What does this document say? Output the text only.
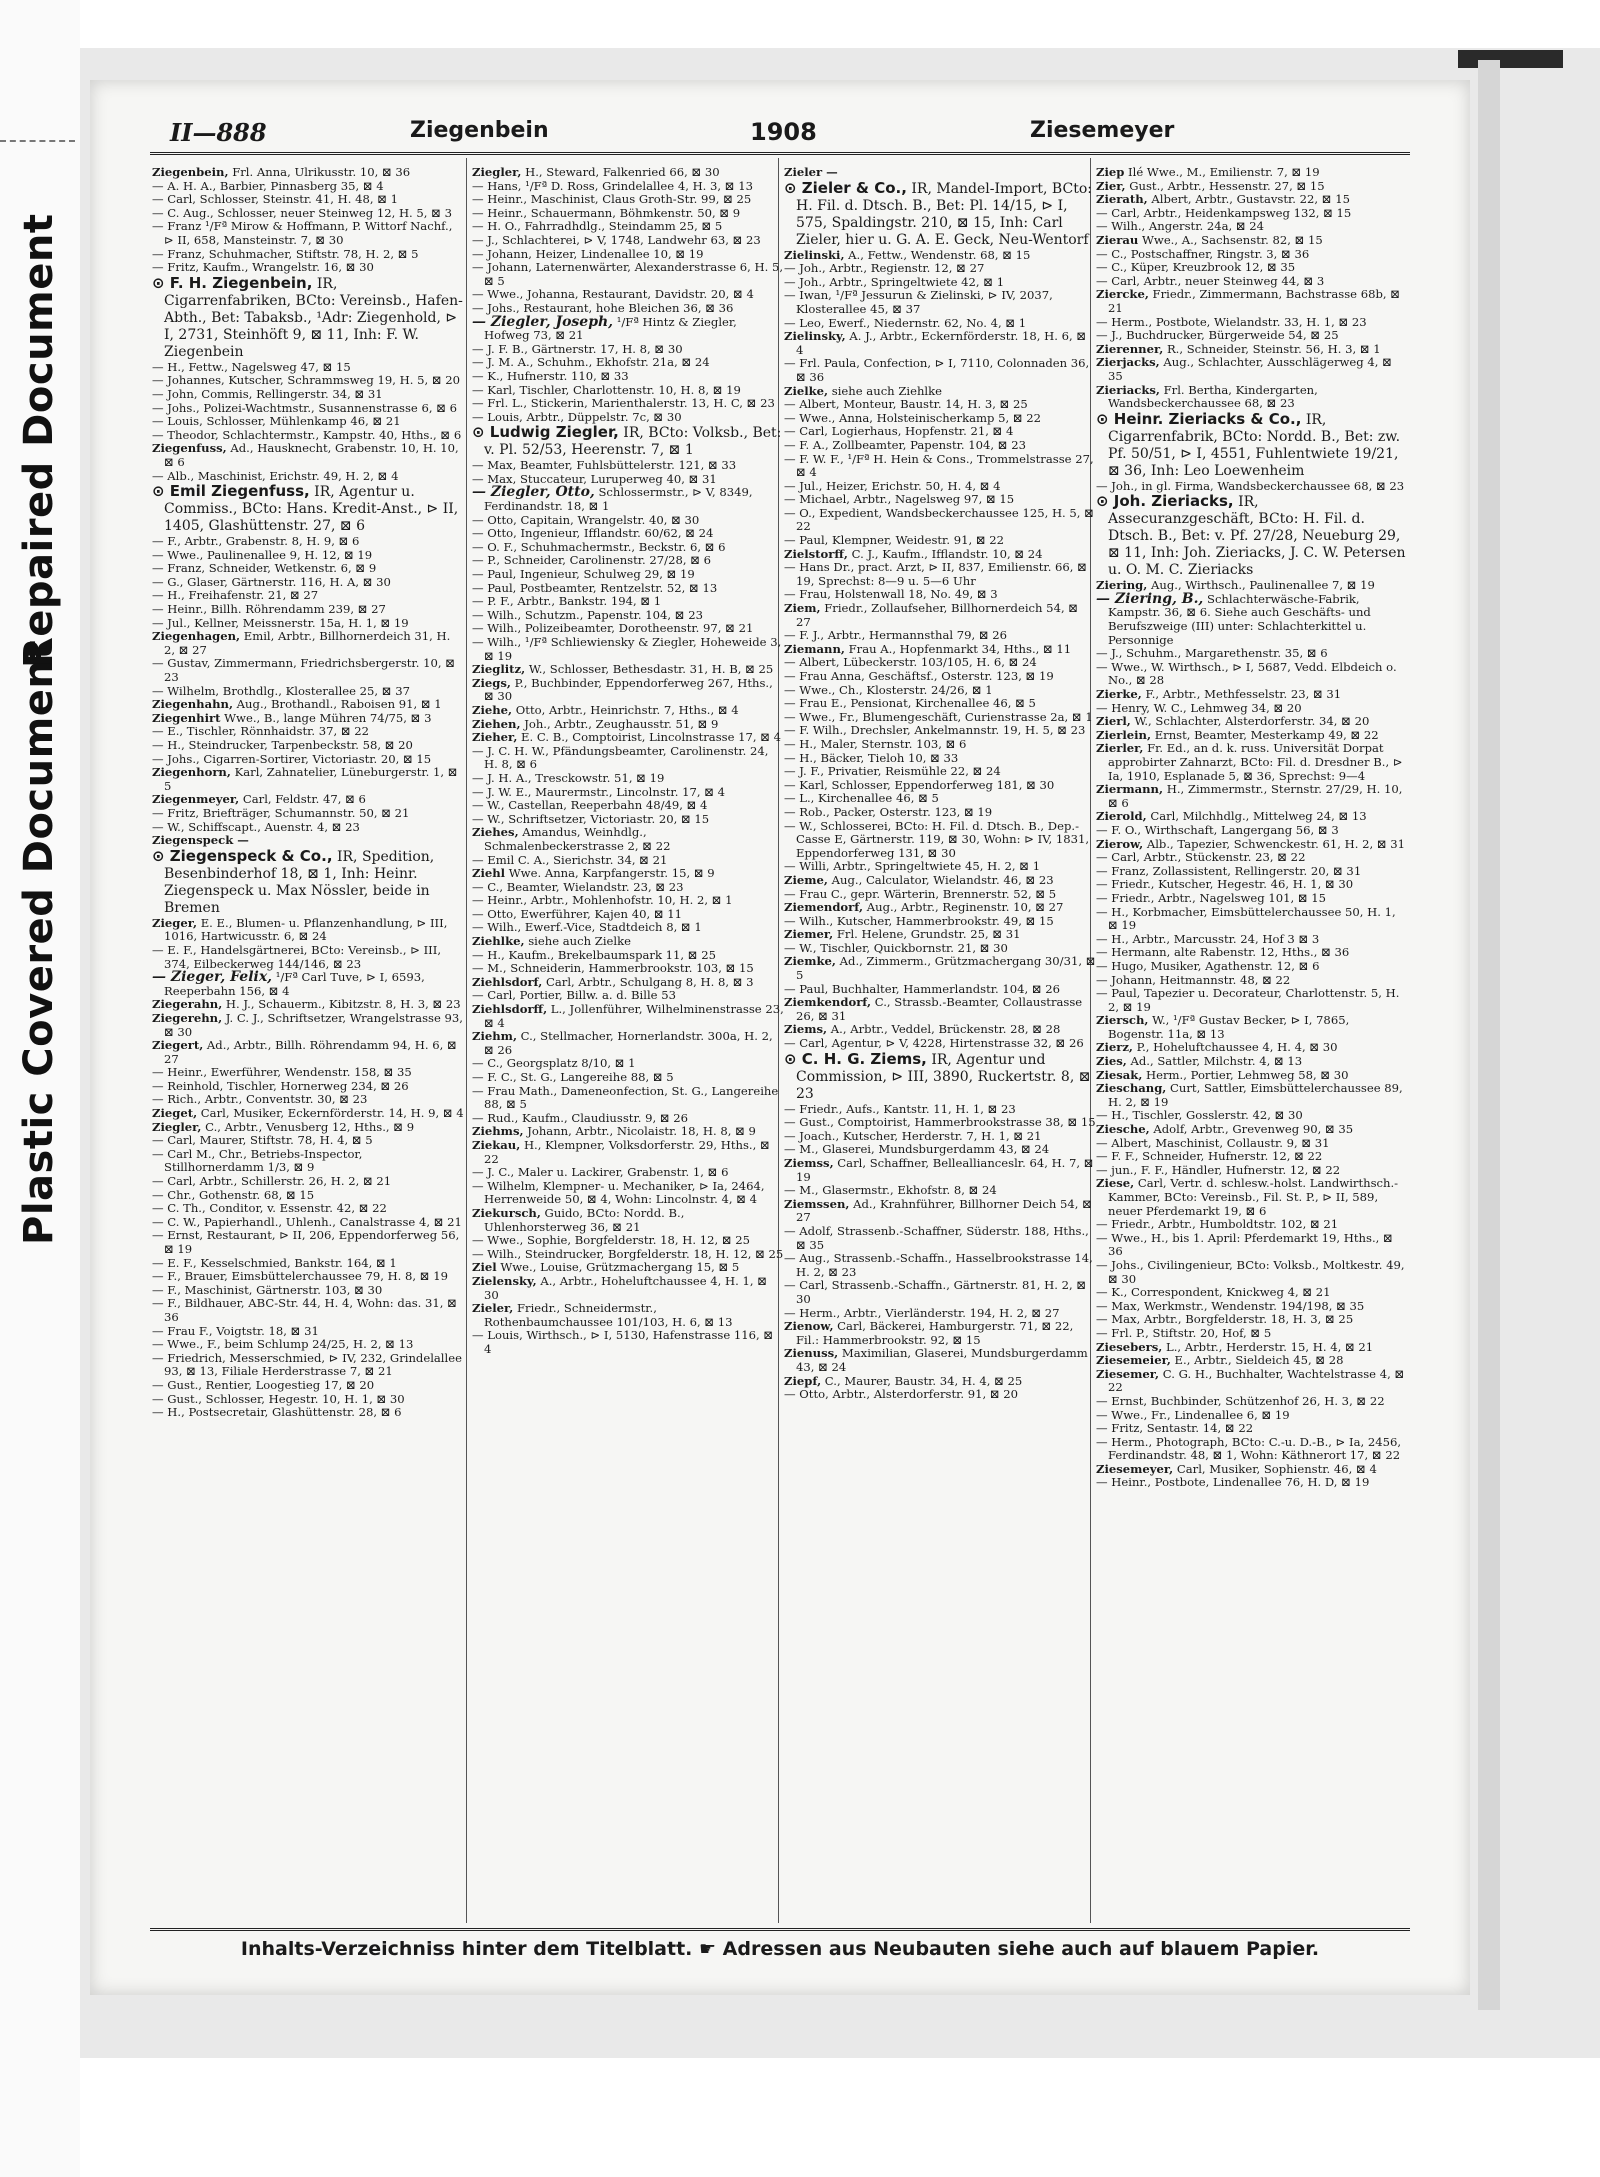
Repaired Document
Plastic Covered Document
II—888	Ziegenbein	1908	Ziesemeyer

Ziegenbein, Frl. Anna, Ulrikusstr. 10, ⊠ 36

— A. H. A., Barbier, Pinnasberg 35, ⊠ 4

— Carl, Schlosser, Steinstr. 41, H. 48, ⊠ 1

— C. Aug., Schlosser, neuer Steinweg 12, H. 5, ⊠ 3

— Franz ¹/Fª Mirow & Hoffmann, P. Wittorf Nachf., ⊳ II, 658, Mansteinstr. 7, ⊠ 30

— Franz, Schuhmacher, Stiftstr. 78, H. 2, ⊠ 5

— Fritz, Kaufm., Wrangelstr. 16, ⊠ 30

⊙ F. H. Ziegenbein, IR, Cigarrenfabriken, BCto: Vereinsb., Hafen-Abth., Bet: Tabaksb., ¹Adr: Ziegenhold, ⊳ I, 2731, Steinhöft 9, ⊠ 11, Inh: F. W. Ziegenbein

— H., Fettw., Nagelsweg 47, ⊠ 15

— Johannes, Kutscher, Schrammsweg 19, H. 5, ⊠ 20

— John, Commis, Rellingerstr. 34, ⊠ 31

— Johs., Polizei-Wachtmstr., Susannenstrasse 6, ⊠ 6

— Louis, Schlosser, Mühlenkamp 46, ⊠ 21

— Theodor, Schlachtermstr., Kampstr. 40, Hths., ⊠ 6

Ziegenfuss, Ad., Hausknecht, Grabenstr. 10, H. 10, ⊠ 6

— Alb., Maschinist, Erichstr. 49, H. 2, ⊠ 4

⊙ Emil Ziegenfuss, IR, Agentur u. Commiss., BCto: Hans. Kredit-Anst., ⊳ II, 1405, Glashüttenstr. 27, ⊠ 6

— F., Arbtr., Grabenstr. 8, H. 9, ⊠ 6

— Wwe., Paulinenallee 9, H. 12, ⊠ 19

— Franz, Schneider, Wetkenstr. 6, ⊠ 9

— G., Glaser, Gärtnerstr. 116, H. A, ⊠ 30

— H., Freihafenstr. 21, ⊠ 27

— Heinr., Billh. Röhrendamm 239, ⊠ 27

— Jul., Kellner, Meissnerstr. 15a, H. 1, ⊠ 19

Ziegenhagen, Emil, Arbtr., Billhornerdeich 31, H. 2, ⊠ 27

— Gustav, Zimmermann, Friedrichsbergerstr. 10, ⊠ 23

— Wilhelm, Brothdlg., Klosterallee 25, ⊠ 37

Ziegenhahn, Aug., Brothandl., Raboisen 91, ⊠ 1

Ziegenhirt Wwe., B., lange Mühren 74/75, ⊠ 3

— E., Tischler, Rönnhaidstr. 37, ⊠ 22

— H., Steindrucker, Tarpenbeckstr. 58, ⊠ 20

— Johs., Cigarren-Sortirer, Victoriastr. 20, ⊠ 15

Ziegenhorn, Karl, Zahnatelier, Lüneburgerstr. 1, ⊠ 5

Ziegenmeyer, Carl, Feldstr. 47, ⊠ 6

— Fritz, Briefträger, Schumannstr. 50, ⊠ 21

— W., Schiffscapt., Auenstr. 4, ⊠ 23

Ziegenspeck —

⊙ Ziegenspeck & Co., IR, Spedition, Besenbinderhof 18, ⊠ 1, Inh: Heinr. Ziegenspeck u. Max Nössler, beide in Bremen

Zieger, E. E., Blumen- u. Pflanzenhandlung, ⊳ III, 1016, Hartwicusstr. 6, ⊠ 24

— E. F., Handelsgärtnerei, BCto: Vereinsb., ⊳ III, 374, Eilbeckerweg 144/146, ⊠ 23

— Zieger, Felix, ¹/Fª Carl Tuve, ⊳ I, 6593, Reeperbahn 156, ⊠ 4

Ziegerahn, H. J., Schauerm., Kibitzstr. 8, H. 3, ⊠ 23

Ziegerehn, J. C. J., Schriftsetzer, Wrangelstrasse 93, ⊠ 30

Ziegert, Ad., Arbtr., Billh. Röhrendamm 94, H. 6, ⊠ 27

— Heinr., Ewerführer, Wendenstr. 158, ⊠ 35

— Reinhold, Tischler, Hornerweg 234, ⊠ 26

— Rich., Arbtr., Conventstr. 30, ⊠ 23

Zieget, Carl, Musiker, Eckernförderstr. 14, H. 9, ⊠ 4

Ziegler, C., Arbtr., Venusberg 12, Hths., ⊠ 9

— Carl, Maurer, Stiftstr. 78, H. 4, ⊠ 5

— Carl M., Chr., Betriebs-Inspector, Stillhornerdamm 1/3, ⊠ 9

— Carl, Arbtr., Schillerstr. 26, H. 2, ⊠ 21

— Chr., Gothenstr. 68, ⊠ 15

— C. Th., Conditor, v. Essenstr. 42, ⊠ 22

— C. W., Papierhandl., Uhlenh., Canalstrasse 4, ⊠ 21

— Ernst, Restaurant, ⊳ II, 206, Eppendorferweg 56, ⊠ 19

— E. F., Kesselschmied, Bankstr. 164, ⊠ 1

— F., Brauer, Eimsbüttelerchaussee 79, H. 8, ⊠ 19

— F., Maschinist, Gärtnerstr. 103, ⊠ 30

— F., Bildhauer, ABC-Str. 44, H. 4, Wohn: das. 31, ⊠ 36

— Frau F., Voigtstr. 18, ⊠ 31

— Wwe., F., beim Schlump 24/25, H. 2, ⊠ 13

— Friedrich, Messerschmied, ⊳ IV, 232, Grindelallee 93, ⊠ 13, Filiale Herderstrasse 7, ⊠ 21

— Gust., Rentier, Loogestieg 17, ⊠ 20

— Gust., Schlosser, Hegestr. 10, H. 1, ⊠ 30

— H., Postsecretair, Glashüttenstr. 28, ⊠ 6

Ziegler, H., Steward, Falkenried 66, ⊠ 30

— Hans, ¹/Fª D. Ross, Grindelallee 4, H. 3, ⊠ 13

— Heinr., Maschinist, Claus Groth-Str. 99, ⊠ 25

— Heinr., Schauermann, Böhmkenstr. 50, ⊠ 9

— H. O., Fahrradhdlg., Steindamm 25, ⊠ 5

— J., Schlachterei, ⊳ V, 1748, Landwehr 63, ⊠ 23

— Johann, Heizer, Lindenallee 10, ⊠ 19

— Johann, Laternenwärter, Alexanderstrasse 6, H. 5, ⊠ 5

— Wwe., Johanna, Restaurant, Davidstr. 20, ⊠ 4

— Johs., Restaurant, hohe Bleichen 36, ⊠ 36

— Ziegler, Joseph, ¹/Fª Hintz & Ziegler, Hofweg 73, ⊠ 21

— J. F. B., Gärtnerstr. 17, H. 8, ⊠ 30

— J. M. A., Schuhm., Ekhofstr. 21a, ⊠ 24

— K., Hufnerstr. 110, ⊠ 33

— Karl, Tischler, Charlottenstr. 10, H. 8, ⊠ 19

— Frl. L., Stickerin, Marienthalerstr. 13, H. C, ⊠ 23

— Louis, Arbtr., Düppelstr. 7c, ⊠ 30

⊙ Ludwig Ziegler, IR, BCto: Volksb., Bet: v. Pl. 52/53, Heerenstr. 7, ⊠ 1

— Max, Beamter, Fuhlsbüttelerstr. 121, ⊠ 33

— Max, Stuccateur, Luruperweg 40, ⊠ 31

— Ziegler, Otto, Schlossermstr., ⊳ V, 8349, Ferdinandstr. 18, ⊠ 1

— Otto, Capitain, Wrangelstr. 40, ⊠ 30

— Otto, Ingenieur, Ifflandstr. 60/62, ⊠ 24

— O. F., Schuhmachermstr., Beckstr. 6, ⊠ 6

— P., Schneider, Carolinenstr. 27/28, ⊠ 6

— Paul, Ingenieur, Schulweg 29, ⊠ 19

— Paul, Postbeamter, Rentzelstr. 52, ⊠ 13

— P. F., Arbtr., Bankstr. 194, ⊠ 1

— Wilh., Schutzm., Papenstr. 104, ⊠ 23

— Wilh., Polizeibeamter, Dorotheenstr. 97, ⊠ 21

— Wilh., ¹/Fª Schliewiensky & Ziegler, Hoheweide 3, ⊠ 19

Zieglitz, W., Schlosser, Bethesdastr. 31, H. B, ⊠ 25

Ziegs, P., Buchbinder, Eppendorferweg 267, Hths., ⊠ 30

Ziehe, Otto, Arbtr., Heinrichstr. 7, Hths., ⊠ 4

Ziehen, Joh., Arbtr., Zeughausstr. 51, ⊠ 9

Zieher, E. C. B., Comptoirist, Lincolnstrasse 17, ⊠ 4

— J. C. H. W., Pfändungsbeamter, Carolinenstr. 24, H. 8, ⊠ 6

— J. H. A., Tresckowstr. 51, ⊠ 19

— J. W. E., Maurermstr., Lincolnstr. 17, ⊠ 4

— W., Castellan, Reeperbahn 48/49, ⊠ 4

— W., Schriftsetzer, Victoriastr. 20, ⊠ 15

Ziehes, Amandus, Weinhdlg., Schmalenbeckerstrasse 2, ⊠ 22

— Emil C. A., Sierichstr. 34, ⊠ 21

Ziehl Wwe. Anna, Karpfangerstr. 15, ⊠ 9

— C., Beamter, Wielandstr. 23, ⊠ 23

— Heinr., Arbtr., Mohlenhofstr. 10, H. 2, ⊠ 1

— Otto, Ewerführer, Kajen 40, ⊠ 11

— Wilh., Ewerf.-Vice, Stadtdeich 8, ⊠ 1

Ziehlke, siehe auch Zielke

— H., Kaufm., Brekelbaumspark 11, ⊠ 25

— M., Schneiderin, Hammerbrookstr. 103, ⊠ 15

Ziehlsdorf, Carl, Arbtr., Schulgang 8, H. 8, ⊠ 3

— Carl, Portier, Billw. a. d. Bille 53

Ziehlsdorff, L., Jollenführer, Wilhelminenstrasse 23, ⊠ 4

Ziehm, C., Stellmacher, Hornerlandstr. 300a, H. 2, ⊠ 26

— C., Georgsplatz 8/10, ⊠ 1

— F. C., St. G., Langereihe 88, ⊠ 5

— Frau Math., Dameneonfection, St. G., Langereihe 88, ⊠ 5

— Rud., Kaufm., Claudiusstr. 9, ⊠ 26

Ziehms, Johann, Arbtr., Nicolaistr. 18, H. 8, ⊠ 9

Ziekau, H., Klempner, Volksdorferstr. 29, Hths., ⊠ 22

— J. C., Maler u. Lackirer, Grabenstr. 1, ⊠ 6

— Wilhelm, Klempner- u. Mechaniker, ⊳ Ia, 2464, Herrenweide 50, ⊠ 4, Wohn: Lincolnstr. 4, ⊠ 4

Ziekursch, Guido, BCto: Nordd. B., Uhlenhorsterweg 36, ⊠ 21

— Wwe., Sophie, Borgfelderstr. 18, H. 12, ⊠ 25

— Wilh., Steindrucker, Borgfelderstr. 18, H. 12, ⊠ 25

Ziel Wwe., Louise, Grützmachergang 15, ⊠ 5

Zielensky, A., Arbtr., Hoheluftchaussee 4, H. 1, ⊠ 30

Zieler, Friedr., Schneidermstr., Rothenbaumchaussee 101/103, H. 6, ⊠ 13

— Louis, Wirthsch., ⊳ I, 5130, Hafenstrasse 116, ⊠ 4

Zieler —

⊙ Zieler & Co., IR, Mandel-Import, BCto: H. Fil. d. Dtsch. B., Bet: Pl. 14/15, ⊳ I, 575, Spaldingstr. 210, ⊠ 15, Inh: Carl Zieler, hier u. G. A. E. Geck, Neu-Wentorf

Zielinski, A., Fettw., Wendenstr. 68, ⊠ 15

— Joh., Arbtr., Regienstr. 12, ⊠ 27

— Joh., Arbtr., Springeltwiete 42, ⊠ 1

— Iwan, ¹/Fª Jessurun & Zielinski, ⊳ IV, 2037, Klosterallee 45, ⊠ 37

— Leo, Ewerf., Niedernstr. 62, No. 4, ⊠ 1

Zielinsky, A. J., Arbtr., Eckernförderstr. 18, H. 6, ⊠ 4

— Frl. Paula, Confection, ⊳ I, 7110, Colonnaden 36, ⊠ 36

Zielke, siehe auch Ziehlke

— Albert, Monteur, Baustr. 14, H. 3, ⊠ 25

— Wwe., Anna, Holsteinischerkamp 5, ⊠ 22

— Carl, Logierhaus, Hopfenstr. 21, ⊠ 4

— F. A., Zollbeamter, Papenstr. 104, ⊠ 23

— F. W. F., ¹/Fª H. Hein & Cons., Trommelstrasse 27, ⊠ 4

— Jul., Heizer, Erichstr. 50, H. 4, ⊠ 4

— Michael, Arbtr., Nagelsweg 97, ⊠ 15

— O., Expedient, Wandsbeckerchaussee 125, H. 5, ⊠ 22

— Paul, Klempner, Weidestr. 91, ⊠ 22

Zielstorff, C. J., Kaufm., Ifflandstr. 10, ⊠ 24

— Hans Dr., pract. Arzt, ⊳ II, 837, Emilienstr. 66, ⊠ 19, Sprechst: 8—9 u. 5—6 Uhr

— Frau, Holstenwall 18, No. 49, ⊠ 3

Ziem, Friedr., Zollaufseher, Billhornerdeich 54, ⊠ 27

— F. J., Arbtr., Hermannsthal 79, ⊠ 26

Ziemann, Frau A., Hopfenmarkt 34, Hths., ⊠ 11

— Albert, Lübeckerstr. 103/105, H. 6, ⊠ 24

— Frau Anna, Geschäftsf., Osterstr. 123, ⊠ 19

— Wwe., Ch., Klosterstr. 24/26, ⊠ 1

— Frau E., Pensionat, Kirchenallee 46, ⊠ 5

— Wwe., Fr., Blumengeschäft, Curienstrasse 2a, ⊠ 1

— F. Wilh., Drechsler, Ankelmannstr. 19, H. 5, ⊠ 23

— H., Maler, Sternstr. 103, ⊠ 6

— H., Bäcker, Tieloh 10, ⊠ 33

— J. F., Privatier, Reismühle 22, ⊠ 24

— Karl, Schlosser, Eppendorferweg 181, ⊠ 30

— L., Kirchenallee 46, ⊠ 5

— Rob., Packer, Osterstr. 123, ⊠ 19

— W., Schlosserei, BCto: H. Fil. d. Dtsch. B., Dep.-Casse E, Gärtnerstr. 119, ⊠ 30, Wohn: ⊳ IV, 1831, Eppendorferweg 131, ⊠ 30

— Willi, Arbtr., Springeltwiete 45, H. 2, ⊠ 1

Zieme, Aug., Calculator, Wielandstr. 46, ⊠ 23

— Frau C., gepr. Wärterin, Brennerstr. 52, ⊠ 5

Ziemendorf, Aug., Arbtr., Reginenstr. 10, ⊠ 27

— Wilh., Kutscher, Hammerbrookstr. 49, ⊠ 15

Ziemer, Frl. Helene, Grundstr. 25, ⊠ 31

— W., Tischler, Quickbornstr. 21, ⊠ 30

Ziemke, Ad., Zimmerm., Grützmachergang 30/31, ⊠ 5

— Paul, Buchhalter, Hammerlandstr. 104, ⊠ 26

Ziemkendorf, C., Strassb.-Beamter, Collaustrasse 26, ⊠ 31

Ziems, A., Arbtr., Veddel, Brückenstr. 28, ⊠ 28

— Carl, Agentur, ⊳ V, 4228, Hirtenstrasse 32, ⊠ 26

⊙ C. H. G. Ziems, IR, Agentur und Commission, ⊳ III, 3890, Ruckertstr. 8, ⊠ 23

— Friedr., Aufs., Kantstr. 11, H. 1, ⊠ 23

— Gust., Comptoirist, Hammerbrookstrasse 38, ⊠ 15

— Joach., Kutscher, Herderstr. 7, H. 1, ⊠ 21

— M., Glaserei, Mundsburgerdamm 43, ⊠ 24

Ziemss, Carl, Schaffner, Belleallianceslr. 64, H. 7, ⊠ 19

— M., Glasermstr., Ekhofstr. 8, ⊠ 24

Ziemssen, Ad., Krahnführer, Billhorner Deich 54, ⊠ 27

— Adolf, Strassenb.-Schaffner, Süderstr. 188, Hths., ⊠ 35

— Aug., Strassenb.-Schaffn., Hasselbrookstrasse 14, H. 2, ⊠ 23

— Carl, Strassenb.-Schaffn., Gärtnerstr. 81, H. 2, ⊠ 30

— Herm., Arbtr., Vierländerstr. 194, H. 2, ⊠ 27

Zienow, Carl, Bäckerei, Hamburgerstr. 71, ⊠ 22, Fil.: Hammerbrookstr. 92, ⊠ 15

Zienuss, Maximilian, Glaserei, Mundsburgerdamm 43, ⊠ 24

Ziepf, C., Maurer, Baustr. 34, H. 4, ⊠ 25

— Otto, Arbtr., Alsterdorferstr. 91, ⊠ 20

Ziep Ilé Wwe., M., Emilienstr. 7, ⊠ 19

Zier, Gust., Arbtr., Hessenstr. 27, ⊠ 15

Zierath, Albert, Arbtr., Gustavstr. 22, ⊠ 15

— Carl, Arbtr., Heidenkampsweg 132, ⊠ 15

— Wilh., Angerstr. 24a, ⊠ 24

Zierau Wwe., A., Sachsenstr. 82, ⊠ 15

— C., Postschaffner, Ringstr. 3, ⊠ 36

— C., Küper, Kreuzbrook 12, ⊠ 35

— Carl, Arbtr., neuer Steinweg 44, ⊠ 3

Ziercke, Friedr., Zimmermann, Bachstrasse 68b, ⊠ 21

— Herm., Postbote, Wielandstr. 33, H. 1, ⊠ 23

— J., Buchdrucker, Bürgerweide 54, ⊠ 25

Zierenner, R., Schneider, Steinstr. 56, H. 3, ⊠ 1

Zierjacks, Aug., Schlachter, Ausschlägerweg 4, ⊠ 35

Zieriacks, Frl. Bertha, Kindergarten, Wandsbeckerchaussee 68, ⊠ 23

⊙ Heinr. Zieriacks & Co., IR, Cigarrenfabrik, BCto: Nordd. B., Bet: zw. Pf. 50/51, ⊳ I, 4551, Fuhlentwiete 19/21, ⊠ 36, Inh: Leo Loewenheim

— Joh., in gl. Firma, Wandsbeckerchaussee 68, ⊠ 23

⊙ Joh. Zieriacks, IR, Assecuranzgeschäft, BCto: H. Fil. d. Dtsch. B., Bet: v. Pf. 27/28, Neueburg 29, ⊠ 11, Inh: Joh. Zieriacks, J. C. W. Petersen u. O. M. C. Zieriacks

Ziering, Aug., Wirthsch., Paulinenallee 7, ⊠ 19

— Ziering, B., Schlachterwäsche-Fabrik, Kampstr. 36, ⊠ 6. Siehe auch Geschäfts- und Berufszweige (III) unter: Schlachterkittel u. Personnige

— J., Schuhm., Margarethenstr. 35, ⊠ 6

— Wwe., W. Wirthsch., ⊳ I, 5687, Vedd. Elbdeich o. No., ⊠ 28

Zierke, F., Arbtr., Methfesselstr. 23, ⊠ 31

— Henry, W. C., Lehmweg 34, ⊠ 20

Zierl, W., Schlachter, Alsterdorferstr. 34, ⊠ 20

Zierlein, Ernst, Beamter, Mesterkamp 49, ⊠ 22

Zierler, Fr. Ed., an d. k. russ. Universität Dorpat approbirter Zahnarzt, BCto: Fil. d. Dresdner B., ⊳ Ia, 1910, Esplanade 5, ⊠ 36, Sprechst: 9—4

Ziermann, H., Zimmermstr., Sternstr. 27/29, H. 10, ⊠ 6

Zierold, Carl, Milchhdlg., Mittelweg 24, ⊠ 13

— F. O., Wirthschaft, Langergang 56, ⊠ 3

Zierow, Alb., Tapezier, Schwenckestr. 61, H. 2, ⊠ 31

— Carl, Arbtr., Stückenstr. 23, ⊠ 22

— Franz, Zollassistent, Rellingerstr. 20, ⊠ 31

— Friedr., Kutscher, Hegestr. 46, H. 1, ⊠ 30

— Friedr., Arbtr., Nagelsweg 101, ⊠ 15

— H., Korbmacher, Eimsbüttelerchaussee 50, H. 1, ⊠ 19

— H., Arbtr., Marcusstr. 24, Hof 3 ⊠ 3

— Hermann, alte Rabenstr. 12, Hths., ⊠ 36

— Hugo, Musiker, Agathenstr. 12, ⊠ 6

— Johann, Heitmannstr. 48, ⊠ 22

— Paul, Tapezier u. Decorateur, Charlottenstr. 5, H. 2, ⊠ 19

Ziersch, W., ¹/Fª Gustav Becker, ⊳ I, 7865, Bogenstr. 11a, ⊠ 13

Zierz, P., Hoheluftchaussee 4, H. 4, ⊠ 30

Zies, Ad., Sattler, Milchstr. 4, ⊠ 13

Ziesak, Herm., Portier, Lehmweg 58, ⊠ 30

Zieschang, Curt, Sattler, Eimsbüttelerchaussee 89, H. 2, ⊠ 19

— H., Tischler, Gosslerstr. 42, ⊠ 30

Ziesche, Adolf, Arbtr., Grevenweg 90, ⊠ 35

— Albert, Maschinist, Collaustr. 9, ⊠ 31

— F. F., Schneider, Hufnerstr. 12, ⊠ 22

— jun., F. F., Händler, Hufnerstr. 12, ⊠ 22

Ziese, Carl, Vertr. d. schlesw.-holst. Landwirthsch.-Kammer, BCto: Vereinsb., Fil. St. P., ⊳ II, 589, neuer Pferdemarkt 19, ⊠ 6

— Friedr., Arbtr., Humboldtstr. 102, ⊠ 21

— Wwe., H., bis 1. April: Pferdemarkt 19, Hths., ⊠ 36

— Johs., Civilingenieur, BCto: Volksb., Moltkestr. 49, ⊠ 30

— K., Correspondent, Knickweg 4, ⊠ 21

— Max, Werkmstr., Wendenstr. 194/198, ⊠ 35

— Max, Arbtr., Borgfelderstr. 18, H. 3, ⊠ 25

— Frl. P., Stiftstr. 20, Hof, ⊠ 5

Ziesebers, L., Arbtr., Herderstr. 15, H. 4, ⊠ 21

Ziesemeier, E., Arbtr., Sieldeich 45, ⊠ 28

Ziesemer, C. G. H., Buchhalter, Wachtelstrasse 4, ⊠ 22

— Ernst, Buchbinder, Schützenhof 26, H. 3, ⊠ 22

— Wwe., Fr., Lindenallee 6, ⊠ 19

— Fritz, Sentastr. 14, ⊠ 22

— Herm., Photograph, BCto: C.-u. D.-B., ⊳ Ia, 2456, Ferdinandstr. 48, ⊠ 1, Wohn: Käthnerort 17, ⊠ 22

Ziesemeyer, Carl, Musiker, Sophienstr. 46, ⊠ 4

— Heinr., Postbote, Lindenallee 76, H. D, ⊠ 19

Inhalts-Verzeichniss hinter dem Titelblatt. ☛ Adressen aus Neubauten siehe auch auf blauem Papier.
